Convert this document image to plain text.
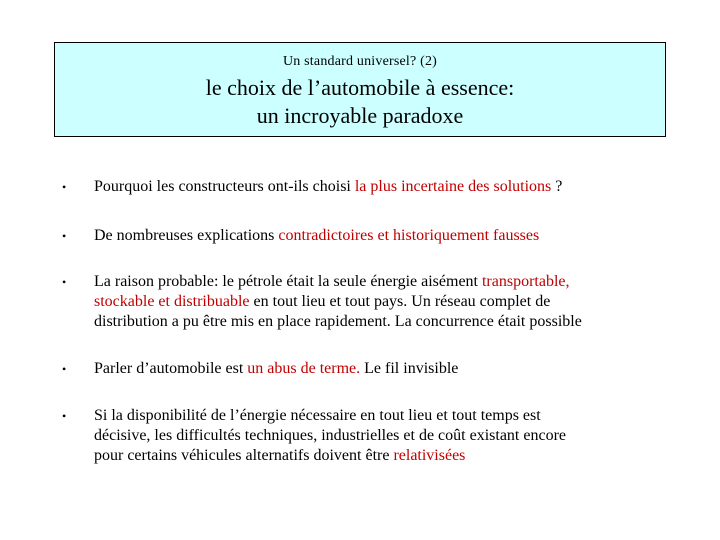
Un standard universel? (2)
le choix de l’automobile à essence:
un incroyable paradoxe
• Pourquoi les constructeurs ont-ils choisi la plus incertaine des solutions ?
• De nombreuses explications contradictoires et historiquement fausses
• La raison probable: le pétrole était la seule énergie aisément transportable,
stockable et distribuable en tout lieu et tout pays. Un réseau complet de
distribution a pu être mis en place rapidement. La concurrence était possible
• Parler d’automobile est un abus de terme. Le fil invisible
• Si la disponibilité de l’énergie nécessaire en tout lieu et tout temps est
décisive, les difficultés techniques, industrielles et de coût existant encore
pour certains véhicules alternatifs doivent être relativisées
